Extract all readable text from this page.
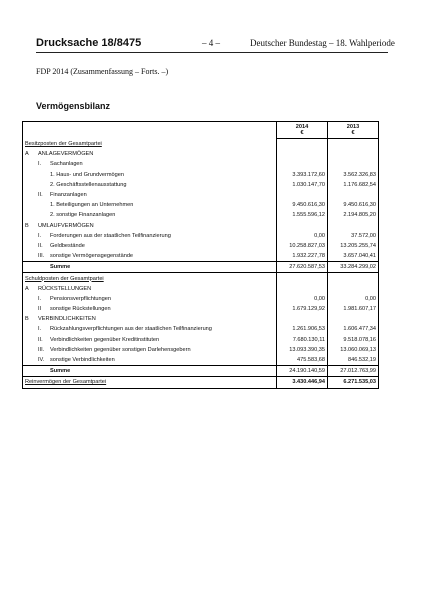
Drucksache 18/8475	– 4 –	Deutscher Bundestag – 18. Wahlperiode
FDP 2014 (Zusammenfassung – Forts. –)
Vermögensbilanz
			2014
€	2013
€
Besitzposten der Gesamtpartei				
A	ANLAGEVERMÖGEN			
	I.	Sachanlagen		
		1. Haus- und Grundvermögen	3.393.172,60	3.562.326,83
		2. Geschäftsstellenausstattung	1.030.147,70	1.176.682,54
	II.	Finanzanlagen		
		1. Beteiligungen an Unternehmen	9.450.616,30	9.450.616,30
		2. sonstige Finanzanlagen	1.555.596,12	2.194.805,20
B	UMLAUFVERMÖGEN			
	I.	Forderungen aus der staatlichen Teilfinanzierung	0,00	37.572,00
	II.	Geldbestände	10.258.827,03	13.205.255,74
	III.	sonstige Vermögensgegenstände	1.932.227,78	3.657.040,41
		Summe	27.620.587,53	33.284.299,02
Schuldposten der Gesamtpartei				
A	RÜCKSTELLUNGEN			
	I.	Pensionsverpflichtungen	0,00	0,00
	II	sonstige Rückstellungen	1.679.129,92	1.981.607,17
B	VERBINDLICHKEITEN			
	I.	Rückzahlungsverpflichtungen aus der staatlichen Teilfinanzierung	1.261.906,53	1.606.477,34
	II.	Verbindlichkeiten gegenüber Kreditinstituten	7.680.130,11	9.518.078,16
	III.	Verbindlichkeiten gegenüber sonstigen Darlehensgebern	13.093.390,35	13.060.069,13
	IV.	sonstige Verbindlichkeiten	475.583,68	846.532,19
		Summe	24.190.140,59	27.012.763,99
Reinvermögen der Gesamtpartei			3.430.446,94	6.271.535,03
